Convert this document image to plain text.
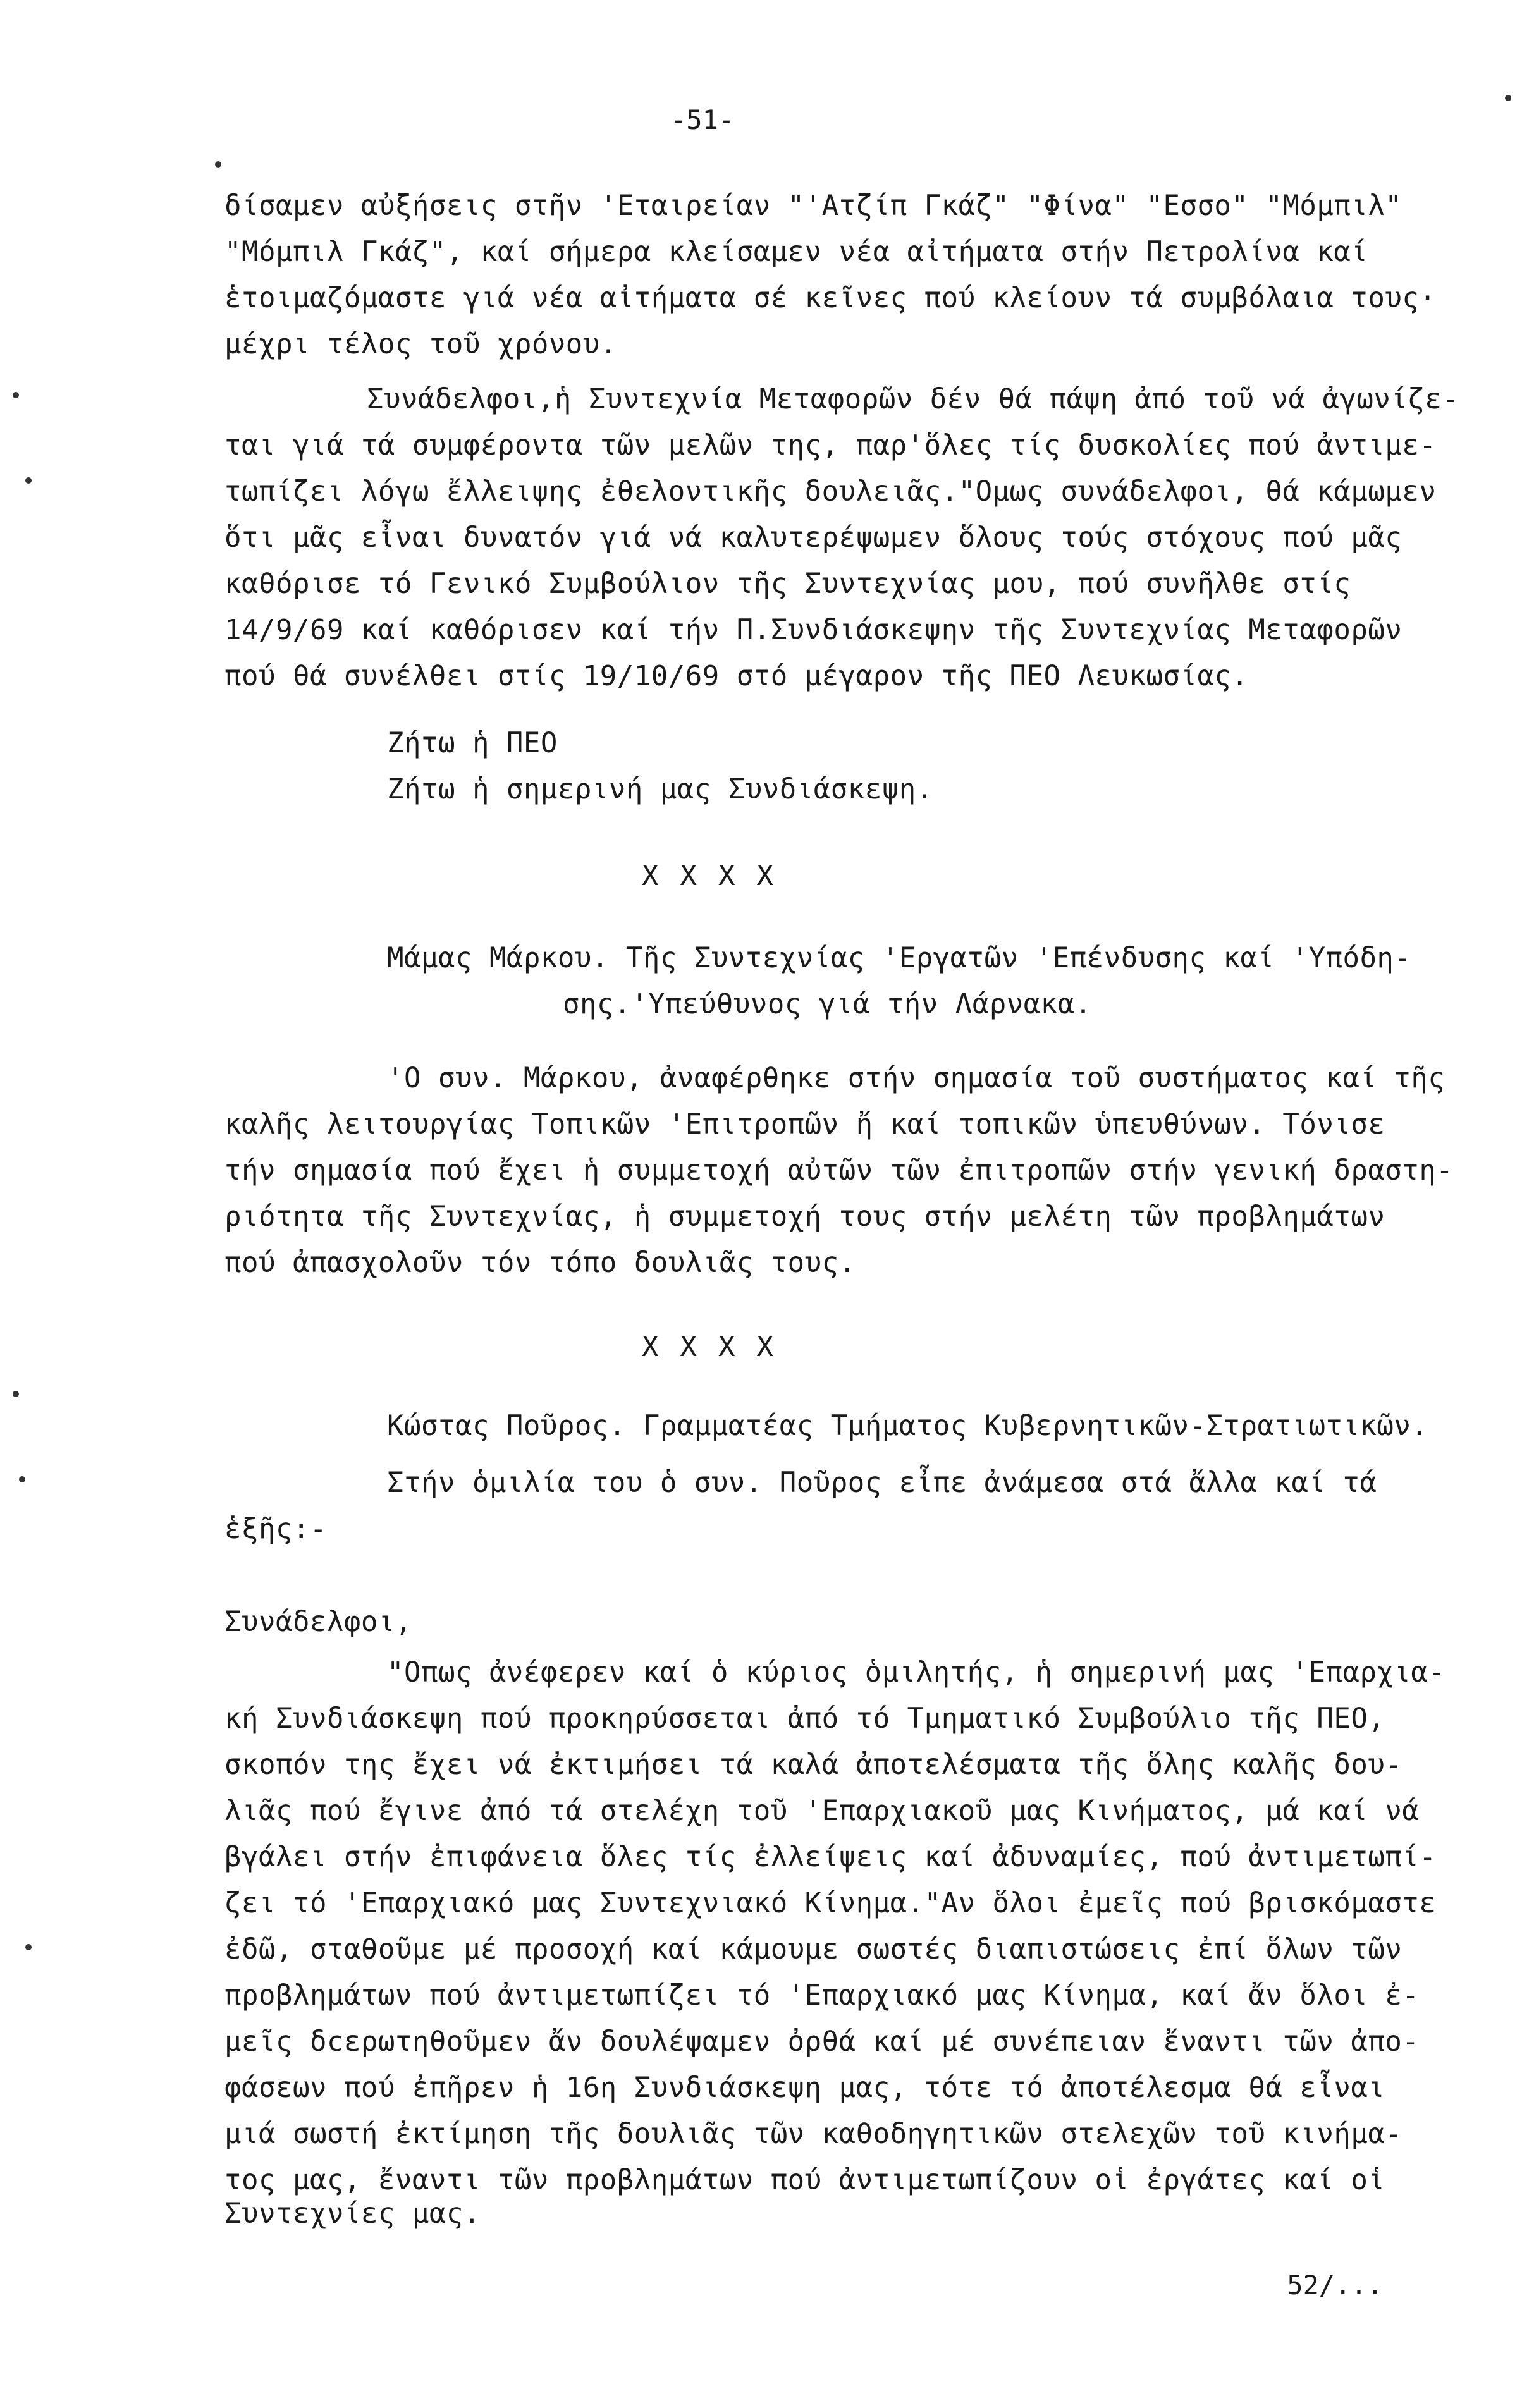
-51-
δίσαμεν αὐξήσεις στῆν 'Εταιρείαν "'Ατζίπ Γκάζ" "Φίνα" "Εσσο" "Μόμπιλ"
"Μόμπιλ Γκάζ", καί σήμερα κλείσαμεν νέα αἰτήματα στήν Πετρολίνα καί
ἑτοιμαζόμαστε γιά νέα αἰτήματα σέ κεῖνες πού κλείουν τά συμβόλαια τους·
μέχρι τέλος τοῦ χρόνου.
Συνάδελφοι,ἡ Συντεχνία Μεταφορῶν δέν θά πάψη ἀπό τοῦ νά ἀγωνίζε-
ται γιά τά συμφέροντα τῶν μελῶν της, παρ'ὅλες τίς δυσκολίες πού ἀντιμε-
τωπίζει λόγω ἔλλειψης ἐθελοντικῆς δουλειᾶς."Ομως συνάδελφοι, θά κάμωμεν
ὅτι μᾶς εἶναι δυνατόν γιά νά καλυτερέψωμεν ὅλους τούς στόχους πού μᾶς
καθόρισε τό Γενικό Συμβούλιον τῆς Συντεχνίας μου, πού συνῆλθε στίς
14/9/69 καί καθόρισεν καί τήν Π.Συνδιάσκεψην τῆς Συντεχνίας Μεταφορῶν
πού θά συνέλθει στίς 19/10/69 στό μέγαρον τῆς ΠΕΟ Λευκωσίας.
Ζήτω ἡ ΠΕΟ
Ζήτω ἡ σημερινή μας Συνδιάσκεψη.
XXXX
Μάμας Μάρκου. Τῆς Συντεχνίας 'Εργατῶν 'Επένδυσης καί 'Υπόδη-
σης.'Υπεύθυνος γιά τήν Λάρνακα.
'Ο συν. Μάρκου, ἀναφέρθηκε στήν σημασία τοῦ συστήματος καί τῆς
καλῆς λειτουργίας Τοπικῶν 'Επιτροπῶν ἤ καί τοπικῶν ὑπευθύνων. Τόνισε
τήν σημασία πού ἔχει ἡ συμμετοχή αὐτῶν τῶν ἐπιτροπῶν στήν γενική δραστη-
ριότητα τῆς Συντεχνίας, ἡ συμμετοχή τους στήν μελέτη τῶν προβλημάτων
πού ἀπασχολοῦν τόν τόπο δουλιᾶς τους.
XXXX
Κώστας Ποῦρος. Γραμματέας Τμήματος Κυβερνητικῶν-Στρατιωτικῶν.
Στήν ὁμιλία του ὁ συν. Ποῦρος εἶπε ἀνάμεσα στά ἄλλα καί τά
ἑξῆς:-
Συνάδελφοι,
"Οπως ἀνέφερεν καί ὁ κύριος ὁμιλητής, ἡ σημερινή μας 'Επαρχια-
κή Συνδιάσκεψη πού προκηρύσσεται ἀπό τό Τμηματικό Συμβούλιο τῆς ΠΕΟ,
σκοπόν της ἔχει νά ἐκτιμήσει τά καλά ἀποτελέσματα τῆς ὅλης καλῆς δου-
λιᾶς πού ἔγινε ἀπό τά στελέχη τοῦ 'Επαρχιακοῦ μας Κινήματος, μά καί νά
βγάλει στήν ἐπιφάνεια ὅλες τίς ἐλλείψεις καί ἀδυναμίες, πού ἀντιμετωπί-
ζει τό 'Επαρχιακό μας Συντεχνιακό Κίνημα."Αν ὅλοι ἐμεῖς πού βρισκόμαστε
ἐδῶ, σταθοῦμε μέ προσοχή καί κάμουμε σωστές διαπιστώσεις ἐπί ὅλων τῶν
προβλημάτων πού ἀντιμετωπίζει τό 'Επαρχιακό μας Κίνημα, καί ἄν ὅλοι ἐ-
μεῖς δcερωτηθοῦμεν ἄν δουλέψαμεν ὀρθά καί μέ συνέπειαν ἔναντι τῶν ἀπο-
φάσεων πού ἐπῆρεν ἡ 16η Συνδιάσκεψη μας, τότε τό ἀποτέλεσμα θά εἶναι
μιά σωστή ἐκτίμηση τῆς δουλιᾶς τῶν καθοδηγητικῶν στελεχῶν τοῦ κινήμα-
τος μας, ἔναντι τῶν προβλημάτων πού ἀντιμετωπίζουν οἱ ἐργάτες καί οἱ
Συντεχνίες μας.
52/...
